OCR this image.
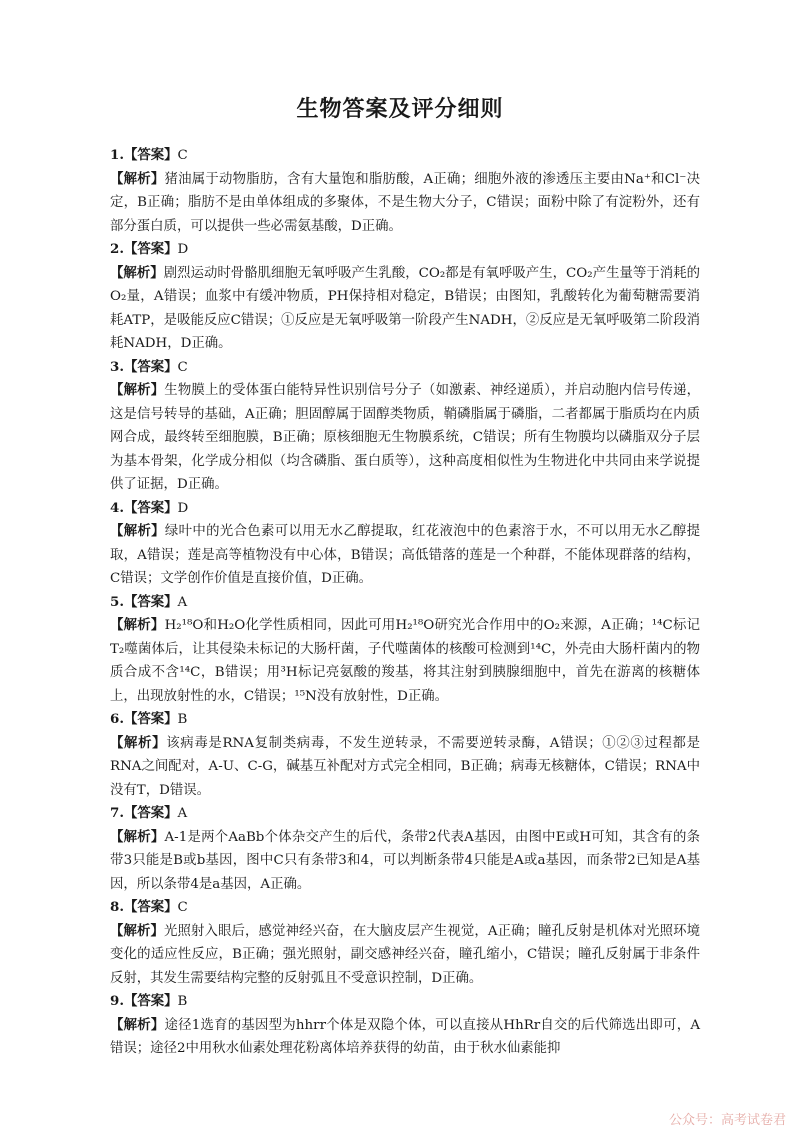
生物答案及评分细则
1.【答案】C
【解析】猪油属于动物脂肪，含有大量饱和脂肪酸，A正确；细胞外液的渗透压主要由Na⁺和Cl⁻决定，B正确；脂肪不是由单体组成的多聚体，不是生物大分子，C错误；面粉中除了有淀粉外，还有部分蛋白质，可以提供一些必需氨基酸，D正确。
2.【答案】D
【解析】剧烈运动时骨骼肌细胞无氧呼吸产生乳酸，CO₂都是有氧呼吸产生，CO₂产生量等于消耗的O₂量，A错误；血浆中有缓冲物质，PH保持相对稳定，B错误；由图知，乳酸转化为葡萄糖需要消耗ATP，是吸能反应C错误；①反应是无氧呼吸第一阶段产生NADH，②反应是无氧呼吸第二阶段消耗NADH，D正确。
3.【答案】C
【解析】生物膜上的受体蛋白能特异性识别信号分子（如激素、神经递质），并启动胞内信号传递，这是信号转导的基础，A正确；胆固醇属于固醇类物质，鞘磷脂属于磷脂，二者都属于脂质均在内质网合成，最终转至细胞膜，B正确；原核细胞无生物膜系统，C错误；所有生物膜均以磷脂双分子层为基本骨架，化学成分相似（均含磷脂、蛋白质等），这种高度相似性为生物进化中共同由来学说提供了证据，D正确。
4.【答案】D
【解析】绿叶中的光合色素可以用无水乙醇提取，红花液泡中的色素溶于水，不可以用无水乙醇提取，A错误；莲是高等植物没有中心体，B错误；高低错落的莲是一个种群，不能体现群落的结构，C错误；文学创作价值是直接价值，D正确。
5.【答案】A
【解析】H₂¹⁸O和H₂O化学性质相同，因此可用H₂¹⁸O研究光合作用中的O₂来源，A正确；¹⁴C标记T₂噬菌体后，让其侵染未标记的大肠杆菌，子代噬菌体的核酸可检测到¹⁴C，外壳由大肠杆菌内的物质合成不含¹⁴C，B错误；用³H标记亮氨酸的羧基，将其注射到胰腺细胞中，首先在游离的核糖体上，出现放射性的水，C错误；¹⁵N没有放射性，D正确。
6.【答案】B
【解析】该病毒是RNA复制类病毒，不发生逆转录，不需要逆转录酶，A错误；①②③过程都是RNA之间配对，A-U、C-G，碱基互补配对方式完全相同，B正确；病毒无核糖体，C错误；RNA中没有T，D错误。
7.【答案】A
【解析】A-1是两个AaBb个体杂交产生的后代，条带2代表A基因，由图中E或H可知，其含有的条带3只能是B或b基因，图中C只有条带3和4，可以判断条带4只能是A或a基因，而条带2已知是A基因，所以条带4是a基因，A正确。
8.【答案】C
【解析】光照射入眼后，感觉神经兴奋，在大脑皮层产生视觉，A正确；瞳孔反射是机体对光照环境变化的适应性反应，B正确；强光照射，副交感神经兴奋，瞳孔缩小，C错误；瞳孔反射属于非条件反射，其发生需要结构完整的反射弧且不受意识控制，D正确。
9.【答案】B
【解析】途径1选育的基因型为hhrr个体是双隐个体，可以直接从HhRr自交的后代筛选出即可，A错误；途径2中用秋水仙素处理花粉离体培养获得的幼苗，由于秋水仙素能抑
公众号：高考试卷君
